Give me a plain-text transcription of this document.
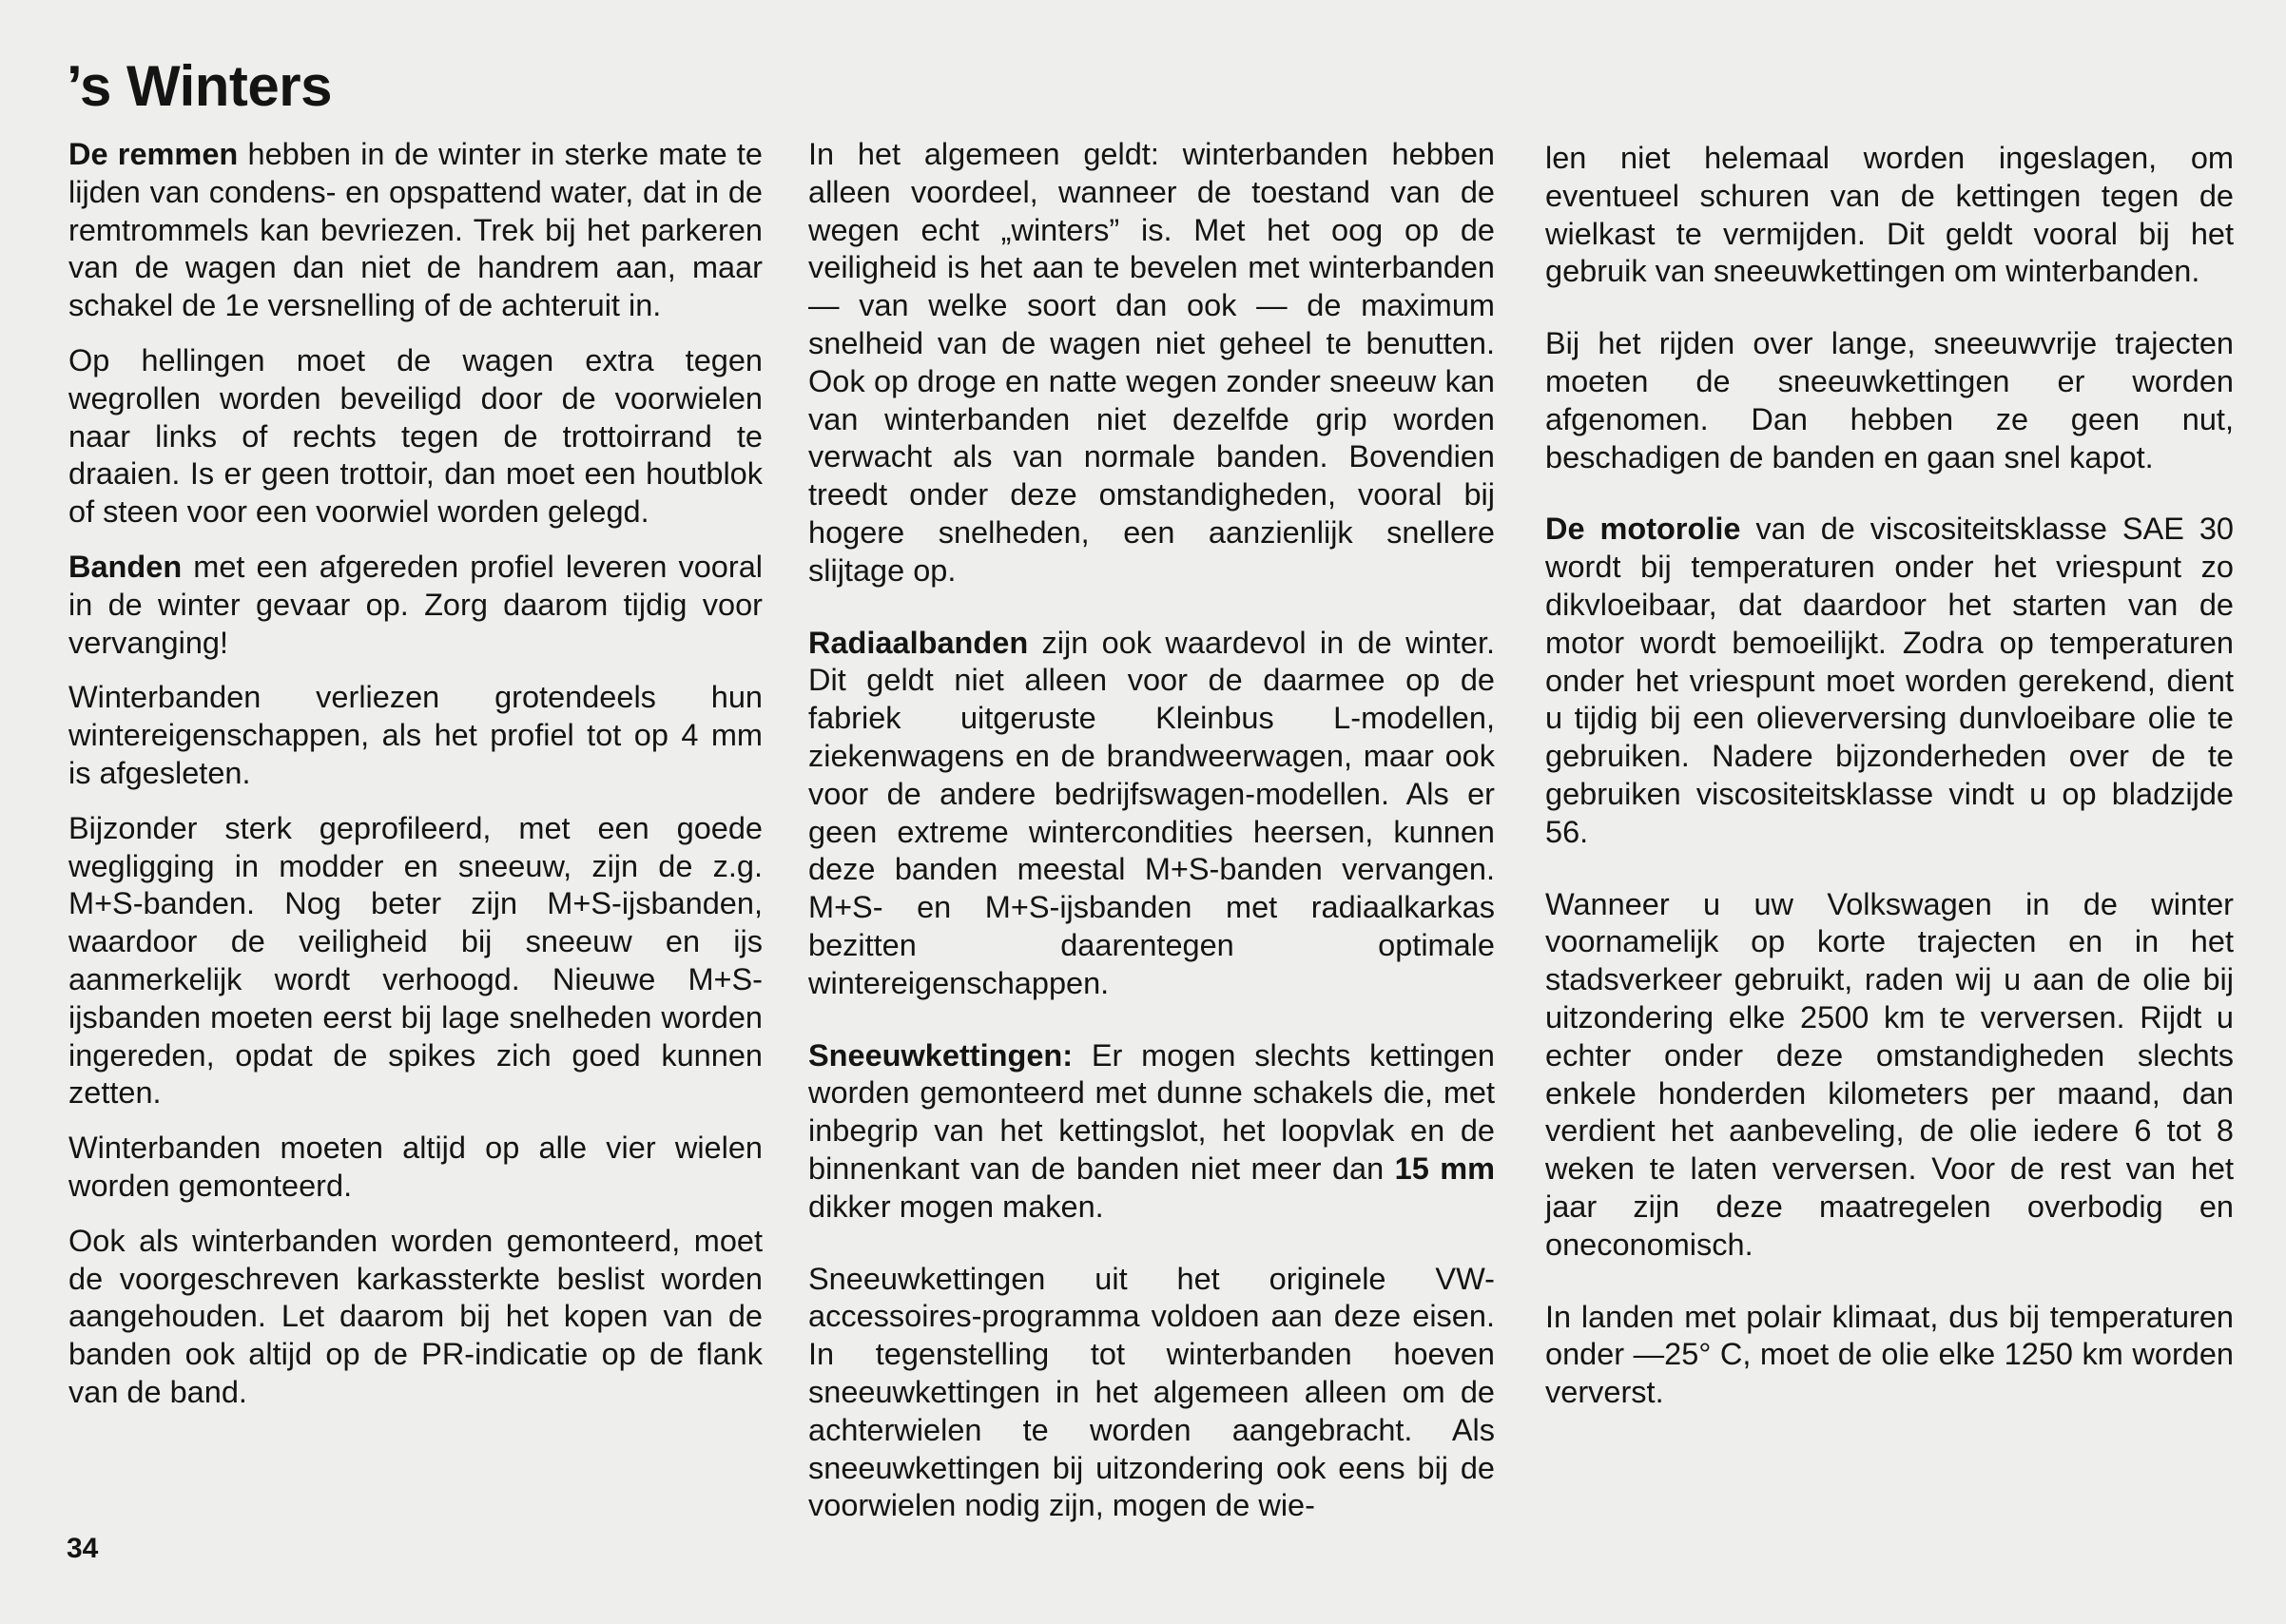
’s Winters

De remmen hebben in de winter in sterke mate te lijden van condens- en opspattend water, dat in de remtrommels kan bevriezen. Trek bij het parkeren van de wagen dan niet de handrem aan, maar schakel de 1e versnelling of de achteruit in.

Op hellingen moet de wagen extra tegen wegrollen worden beveiligd door de voorwielen naar links of rechts tegen de trottoirrand te draaien. Is er geen trottoir, dan moet een houtblok of steen voor een voorwiel worden gelegd.

Banden met een afgereden profiel leveren vooral in de winter gevaar op. Zorg daarom tijdig voor vervanging!

Winterbanden verliezen grotendeels hun wintereigenschappen, als het profiel tot op 4 mm is afgesleten.

Bijzonder sterk geprofileerd, met een goede wegligging in modder en sneeuw, zijn de z.g. M+S-banden. Nog beter zijn M+S-ijsbanden, waardoor de veiligheid bij sneeuw en ijs aanmerkelijk wordt verhoogd. Nieuwe M+S-ijsbanden moeten eerst bij lage snelheden worden ingereden, opdat de spikes zich goed kunnen zetten.

Winterbanden moeten altijd op alle vier wielen worden gemonteerd.

Ook als winterbanden worden gemonteerd, moet de voorgeschreven karkassterkte beslist worden aangehouden. Let daarom bij het kopen van de banden ook altijd op de PR-indicatie op de flank van de band.

In het algemeen geldt: winterbanden hebben alleen voordeel, wanneer de toestand van de wegen echt „winters” is. Met het oog op de veiligheid is het aan te bevelen met winterbanden — van welke soort dan ook — de maximum snelheid van de wagen niet geheel te benutten. Ook op droge en natte wegen zonder sneeuw kan van winterbanden niet dezelfde grip worden verwacht als van normale banden. Bovendien treedt onder deze omstandigheden, vooral bij hogere snelheden, een aanzienlijk snellere slijtage op.

Radiaalbanden zijn ook waardevol in de winter. Dit geldt niet alleen voor de daarmee op de fabriek uitgeruste Kleinbus L-modellen, ziekenwagens en de brandweerwagen, maar ook voor de andere bedrijfswagen-modellen. Als er geen extreme wintercondities heersen, kunnen deze banden meestal M+S-banden vervangen. M+S- en M+S-ijsbanden met radiaalkarkas bezitten daarentegen optimale wintereigenschappen.

Sneeuwkettingen: Er mogen slechts kettingen worden gemonteerd met dunne schakels die, met inbegrip van het kettingslot, het loopvlak en de binnenkant van de banden niet meer dan 15 mm dikker mogen maken.

Sneeuwkettingen uit het originele VW-accessoires-programma voldoen aan deze eisen. In tegenstelling tot winterbanden hoeven sneeuwkettingen in het algemeen alleen om de achterwielen te worden aangebracht. Als sneeuwkettingen bij uitzondering ook eens bij de voorwielen nodig zijn, mogen de wie-

len niet helemaal worden ingeslagen, om eventueel schuren van de kettingen tegen de wielkast te vermijden. Dit geldt vooral bij het gebruik van sneeuwkettingen om winterbanden.

Bij het rijden over lange, sneeuwvrije trajecten moeten de sneeuwkettingen er worden afgenomen. Dan hebben ze geen nut, beschadigen de banden en gaan snel kapot.

De motorolie van de viscositeitsklasse SAE 30 wordt bij temperaturen onder het vriespunt zo dikvloeibaar, dat daardoor het starten van de motor wordt bemoeilijkt. Zodra op temperaturen onder het vriespunt moet worden gerekend, dient u tijdig bij een olieverversing dunvloeibare olie te gebruiken. Nadere bijzonderheden over de te gebruiken viscositeitsklasse vindt u op bladzijde 56.

Wanneer u uw Volkswagen in de winter voornamelijk op korte trajecten en in het stadsverkeer gebruikt, raden wij u aan de olie bij uitzondering elke 2500 km te verversen. Rijdt u echter onder deze omstandigheden slechts enkele honderden kilometers per maand, dan verdient het aanbeveling, de olie iedere 6 tot 8 weken te laten verversen. Voor de rest van het jaar zijn deze maatregelen overbodig en oneconomisch.

In landen met polair klimaat, dus bij temperaturen onder —25° C, moet de olie elke 1250 km worden ververst.

34
